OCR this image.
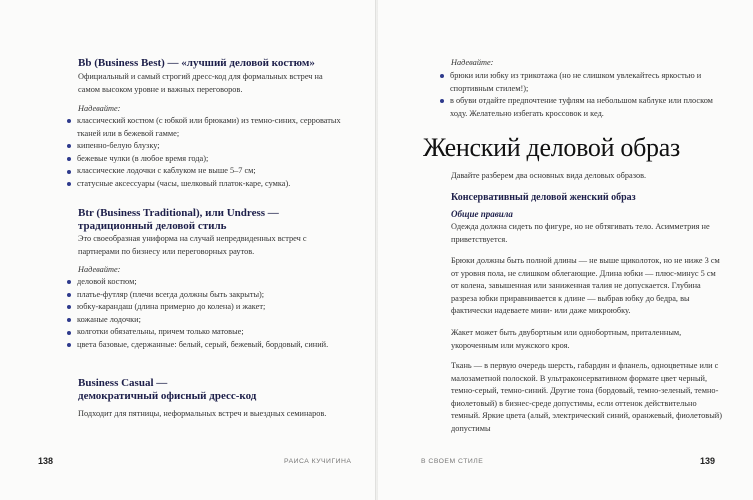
Bb (Business Best) — «лучший деловой костюм»

Официальный и самый строгий дресс-код для формальных встреч на самом высоком уровне и важных переговоров.

Надевайте:
классический костюм (с юбкой или брюками) из темно-синих, серроватых тканей или в бежевой гамме;
кипенно-белую блузку;
бежевые чулки (в любое время года);
классические лодочки с каблуком не выше 5–7 см;
статусные аксессуары (часы, шелковый платок-каре, сумка).
Btr (Business Traditional), или Undress —
традиционный деловой стиль

Это своеобразная униформа на случай непредвиденных встреч с партнерами по бизнесу или переговорных раутов.

Надевайте:
деловой костюм;
платье-футляр (плечи всегда должны быть закрыты);
юбку-карандаш (длина примерно до колена) и жакет;
кожаные лодочки;
колготки обязательны, причем только матовые;
цвета базовые, сдержанные: белый, серый, бежевый, бордовый, синий.
Business Casual —
демократичный офисный дресс-код

Подходит для пятницы, неформальных встреч и выездных семинаров.

138	РАИСА КУЧИГИНА
Надевайте:
брюки или юбку из трикотажа (но не слишком увлекайтесь яркостью и спортивным стилем!);
в обуви отдайте предпочтение туфлям на небольшом каблуке или плоском ходу. Желательно избегать кроссовок и кед.
Женский деловой образ

Давайте разберем два основных вида деловых образов.

Консервативный деловой женский образ
Общие правила

Одежда должна сидеть по фигуре, но не обтягивать тело. Асимметрия не приветствуется.

Брюки должны быть полной длины — не выше щиколоток, но не ниже 3 см от уровня пола, не слишком облегающие. Длина юбки — плюс-минус 5 см от колена, завышенная или заниженная талия не допускается. Глубина разреза юбки приравнивается к длине — выбрав юбку до бедра, вы фактически надеваете мини- или даже микроюбку.

Жакет может быть двубортным или однобортным, приталенным, укороченным или мужского кроя.

Ткань — в первую очередь шерсть, габардин и фланель, одноцветные или с малозаметной полоской. В ультраконсервативном формате цвет черный, темно-серый, темно-синий. Другие тона (бордовый, темно-зеленый, темно-фиолетовый) в бизнес-среде допустимы, если оттенок действительно темный. Яркие цвета (алый, электрический синий, оранжевый, фиолетовый) допустимы

В СВОЕМ СТИЛЕ	139
